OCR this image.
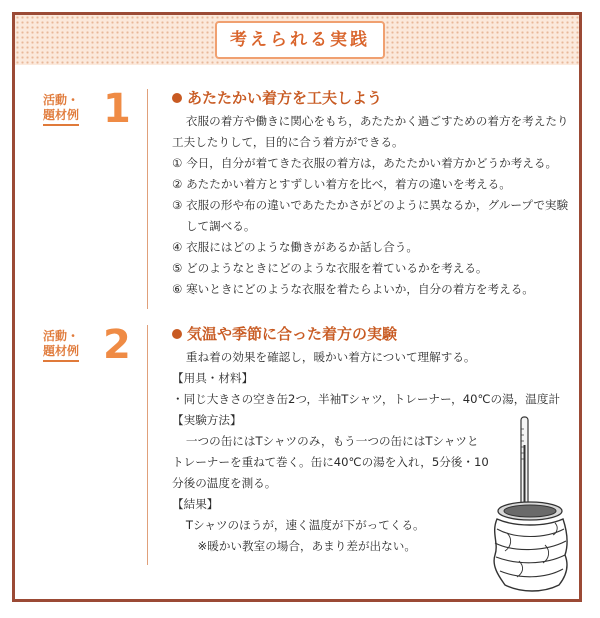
考えられる実践
活動・
題材例 1	あたたかい着方を工夫しよう

衣服の着方や働きに関心をもち，あたたかく過ごすための着方を考えたり工夫したりして，目的に合う着方ができる。

① 今日，自分が着てきた衣服の着方は，あたたかい着方かどうか考える。

② あたたかい着方とすずしい着方を比べ，着方の違いを考える。

③ 衣服の形や布の違いであたたかさがどのように異なるか，グループで実験して調べる。

④ 衣服にはどのような働きがあるか話し合う。

⑤ どのようなときにどのような衣服を着ているかを考える。

⑥ 寒いときにどのような衣服を着たらよいか，自分の着方を考える。

活動・
題材例 2	気温や季節に合った着方の実験

重ね着の効果を確認し，暖かい着方について理解する。

【用具・材料】

・同じ大きさの空き缶2つ，半袖Tシャツ，トレーナー，40℃の湯，温度計

【実験方法】

一つの缶にはTシャツのみ，もう一つの缶にはTシャツと

トレーナーを重ねて巻く。缶に40℃の湯を入れ，5分後・10

分後の温度を測る。

【結果】

Tシャツのほうが，速く温度が下がってくる。

※暖かい教室の場合，あまり差が出ない。
